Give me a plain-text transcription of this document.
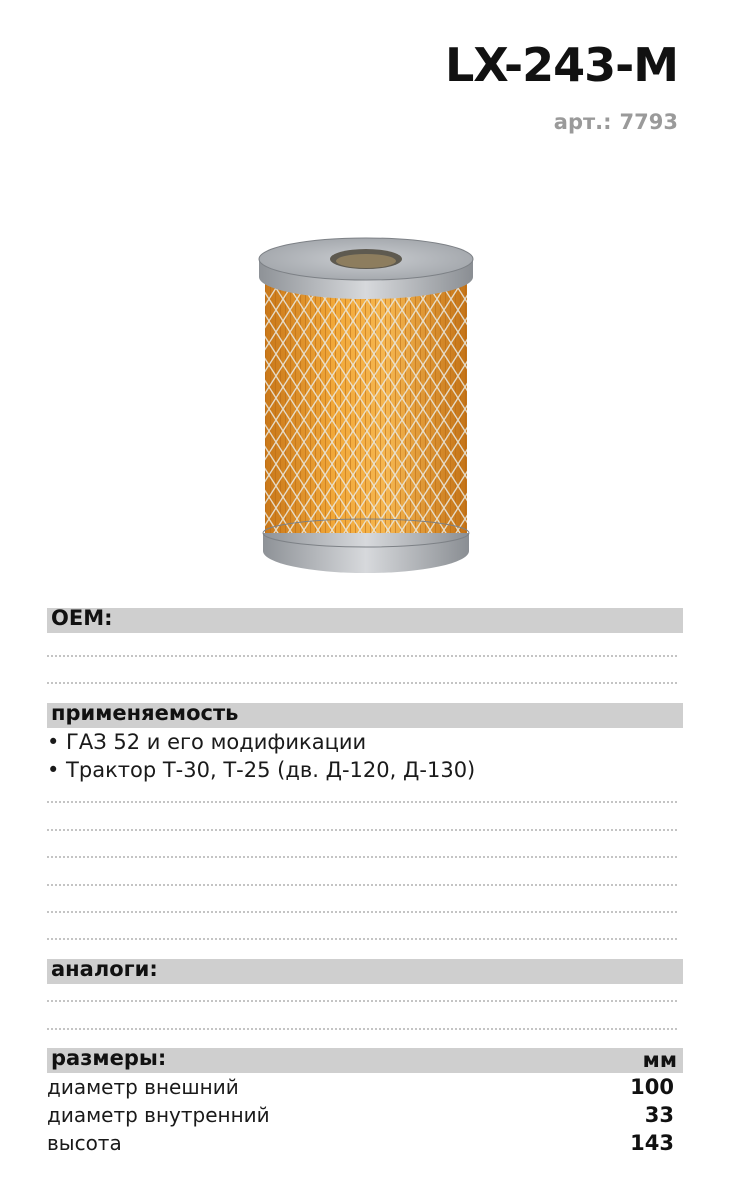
LX-243-M
арт.: 7793
OEM:
применяемость
• ГАЗ 52 и его модификации
• Трактор Т-30, Т-25 (дв. Д-120, Д-130)
аналоги:
размеры:	мм
диаметр внешний	100
диаметр внутренний	33
высота	143
